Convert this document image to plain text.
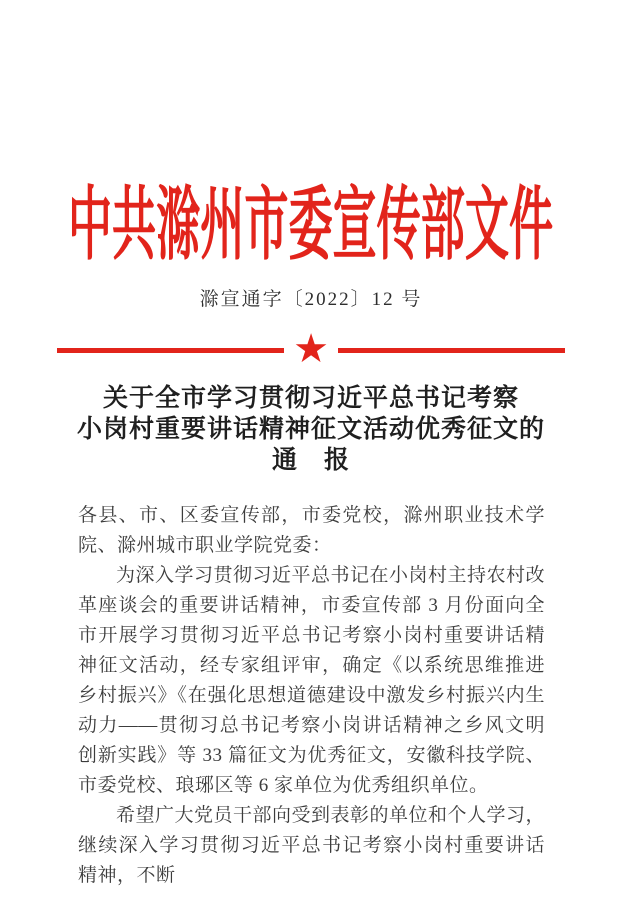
中共滁州市委宣传部文件
滁宣通字〔2022〕12 号
★
关于全市学习贯彻习近平总书记考察
小岗村重要讲话精神征文活动优秀征文的
通　报

各县、市、区委宣传部，市委党校，滁州职业技术学院、滁州城市职业学院党委：

为深入学习贯彻习近平总书记在小岗村主持农村改革座谈会的重要讲话精神，市委宣传部 3 月份面向全市开展学习贯彻习近平总书记考察小岗村重要讲话精神征文活动，经专家组评审，确定《以系统思维推进乡村振兴》《在强化思想道德建设中激发乡村振兴内生动力——贯彻习总书记考察小岗讲话精神之乡风文明创新实践》等 33 篇征文为优秀征文，安徽科技学院、市委党校、琅琊区等 6 家单位为优秀组织单位。

希望广大党员干部向受到表彰的单位和个人学习，继续深入学习贯彻习近平总书记考察小岗村重要讲话精神，不断
